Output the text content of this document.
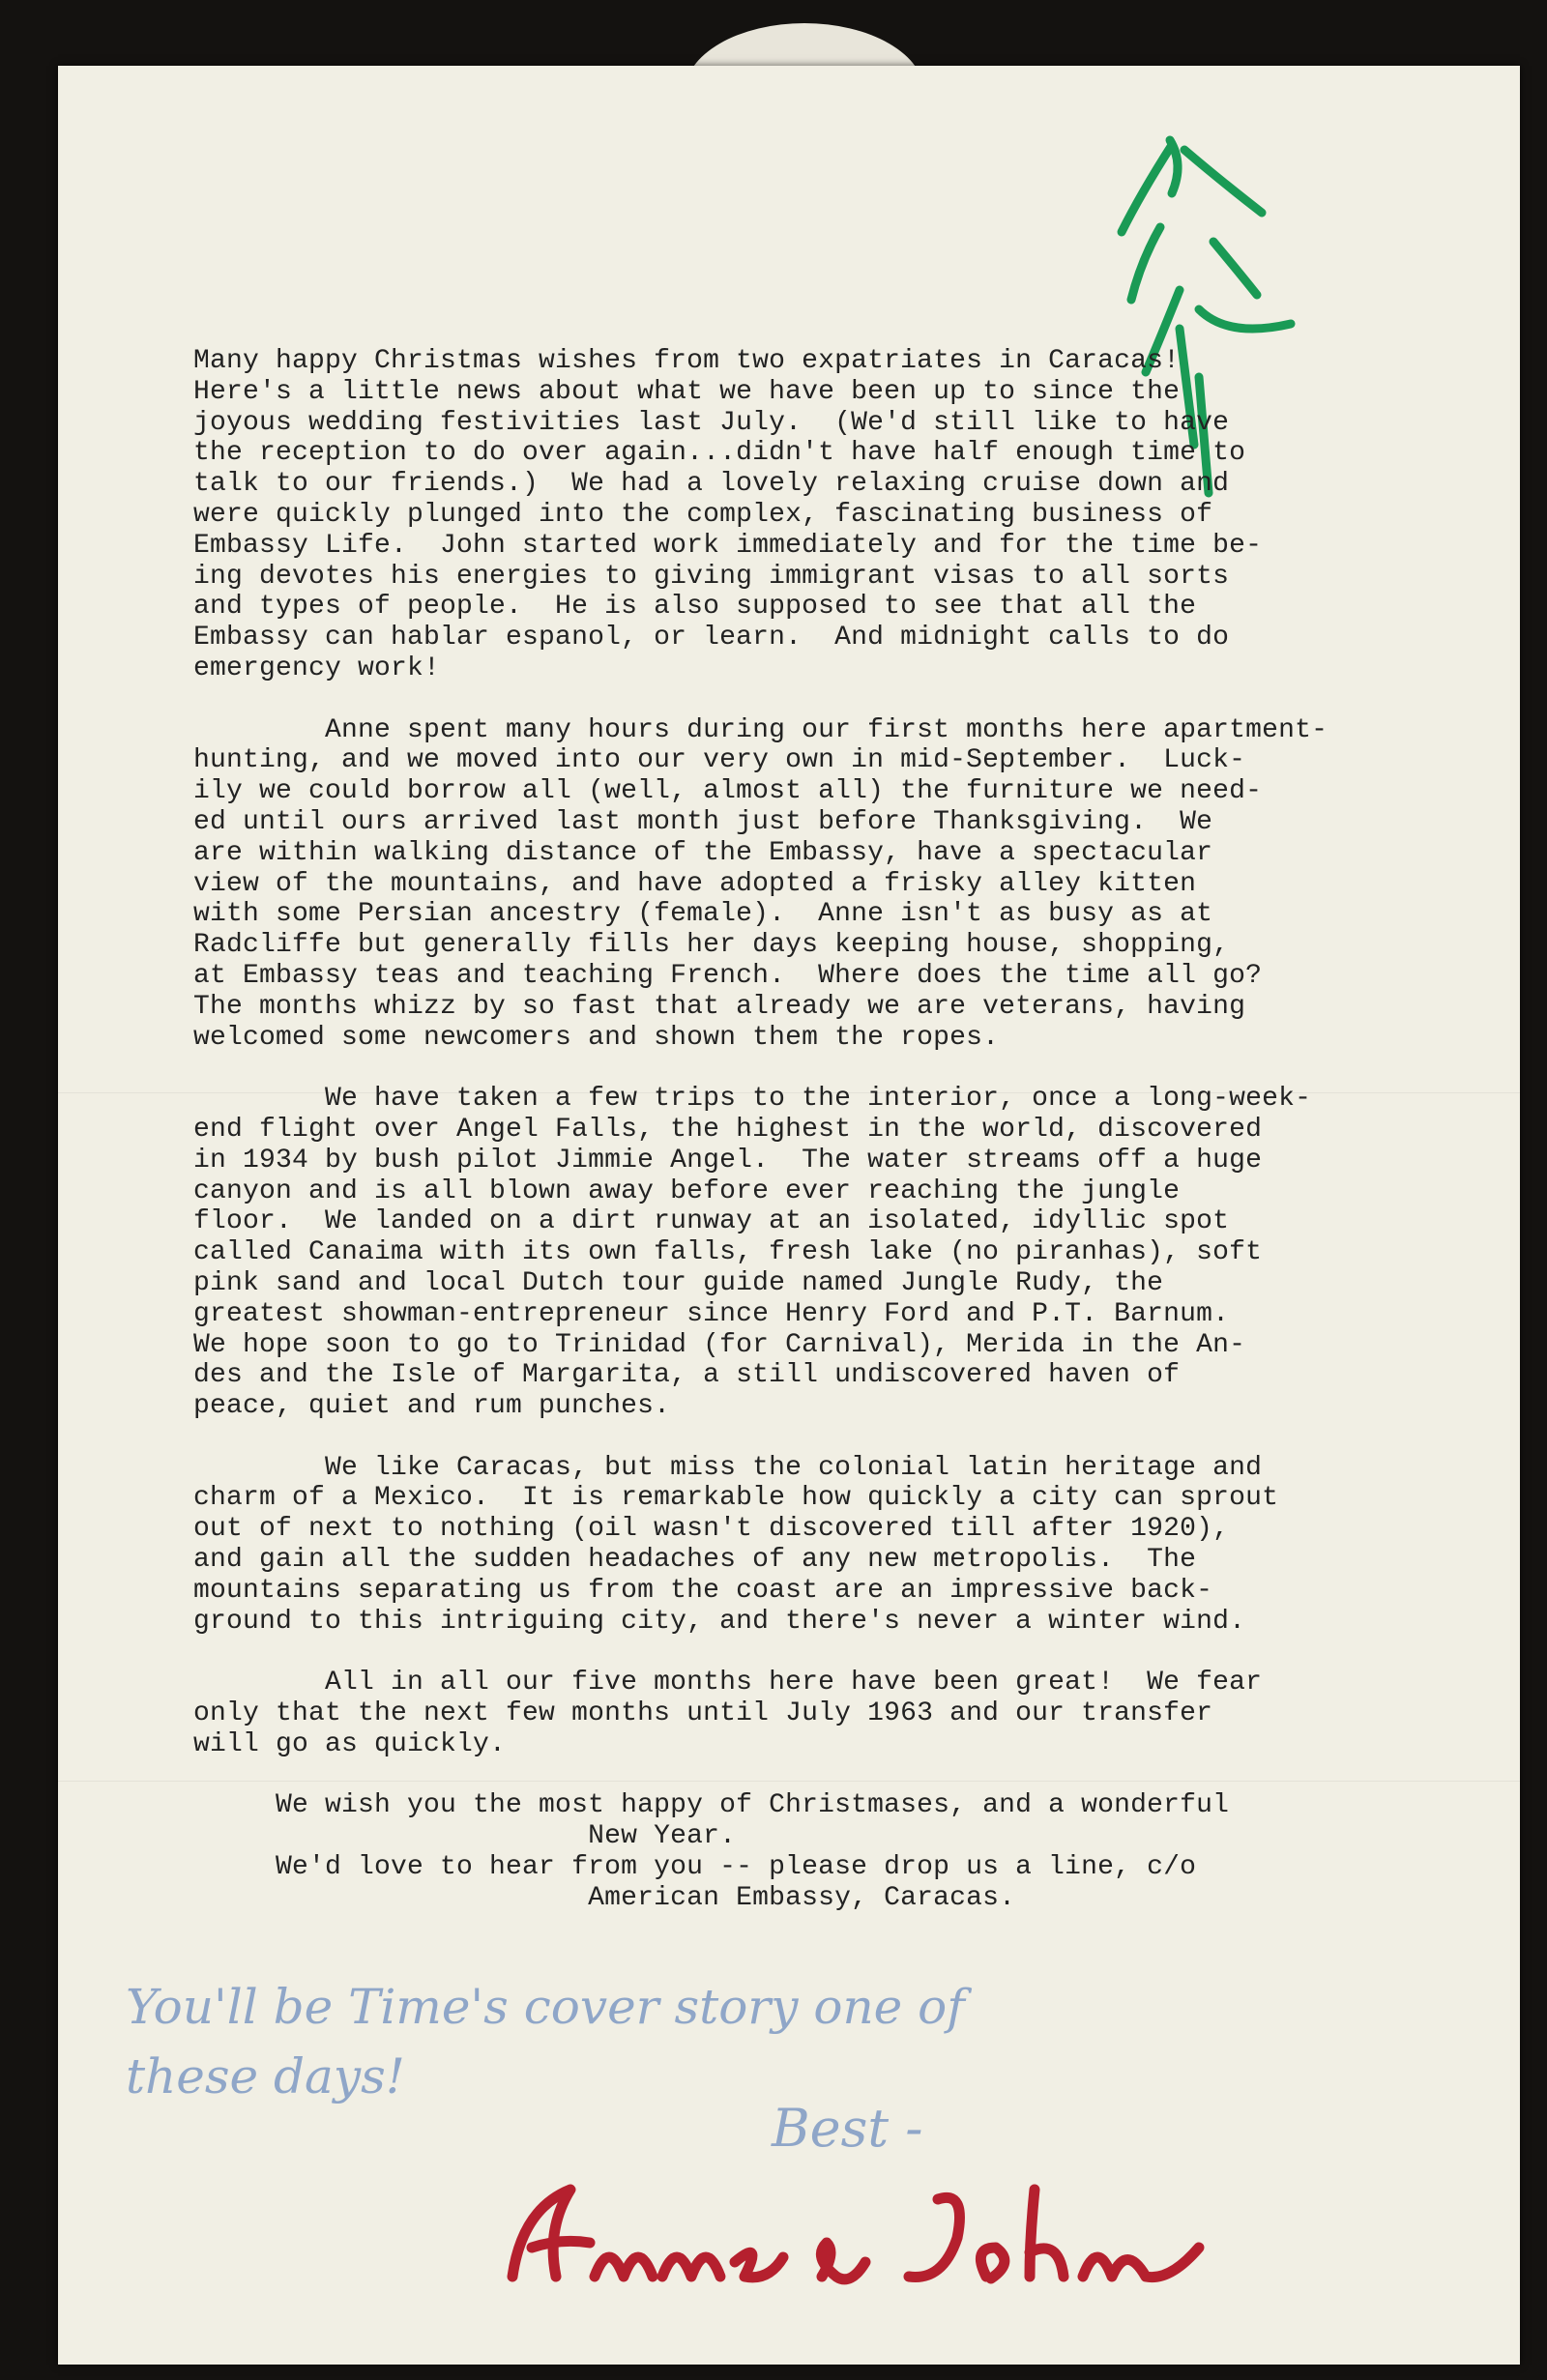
Many happy Christmas wishes from two expatriates in Caracas!
Here's a little news about what we have been up to since the
joyous wedding festivities last July.  (We'd still like to have
the reception to do over again...didn't have half enough time to
talk to our friends.)  We had a lovely relaxing cruise down and
were quickly plunged into the complex, fascinating business of
Embassy Life.  John started work immediately and for the time be-
ing devotes his energies to giving immigrant visas to all sorts
and types of people.  He is also supposed to see that all the
Embassy can hablar espanol, or learn.  And midnight calls to do
emergency work!
Anne spent many hours during our first months here apartment-
hunting, and we moved into our very own in mid-September.  Luck-
ily we could borrow all (well, almost all) the furniture we need-
ed until ours arrived last month just before Thanksgiving.  We
are within walking distance of the Embassy, have a spectacular
view of the mountains, and have adopted a frisky alley kitten
with some Persian ancestry (female).  Anne isn't as busy as at
Radcliffe but generally fills her days keeping house, shopping,
at Embassy teas and teaching French.  Where does the time all go?
The months whizz by so fast that already we are veterans, having
welcomed some newcomers and shown them the ropes.
We have taken a few trips to the interior, once a long-week-
end flight over Angel Falls, the highest in the world, discovered
in 1934 by bush pilot Jimmie Angel.  The water streams off a huge
canyon and is all blown away before ever reaching the jungle
floor.  We landed on a dirt runway at an isolated, idyllic spot
called Canaima with its own falls, fresh lake (no piranhas), soft
pink sand and local Dutch tour guide named Jungle Rudy, the
greatest showman-entrepreneur since Henry Ford and P.T. Barnum.
We hope soon to go to Trinidad (for Carnival), Merida in the An-
des and the Isle of Margarita, a still undiscovered haven of
peace, quiet and rum punches.
We like Caracas, but miss the colonial latin heritage and
charm of a Mexico.  It is remarkable how quickly a city can sprout
out of next to nothing (oil wasn't discovered till after 1920),
and gain all the sudden headaches of any new metropolis.  The
mountains separating us from the coast are an impressive back-
ground to this intriguing city, and there's never a winter wind.
All in all our five months here have been great!  We fear
only that the next few months until July 1963 and our transfer
will go as quickly.
We wish you the most happy of Christmases, and a wonderful
New Year.
We'd love to hear from you -- please drop us a line, c/o
American Embassy, Caracas.
You'll be Time's cover story one of
these days!
Best -
